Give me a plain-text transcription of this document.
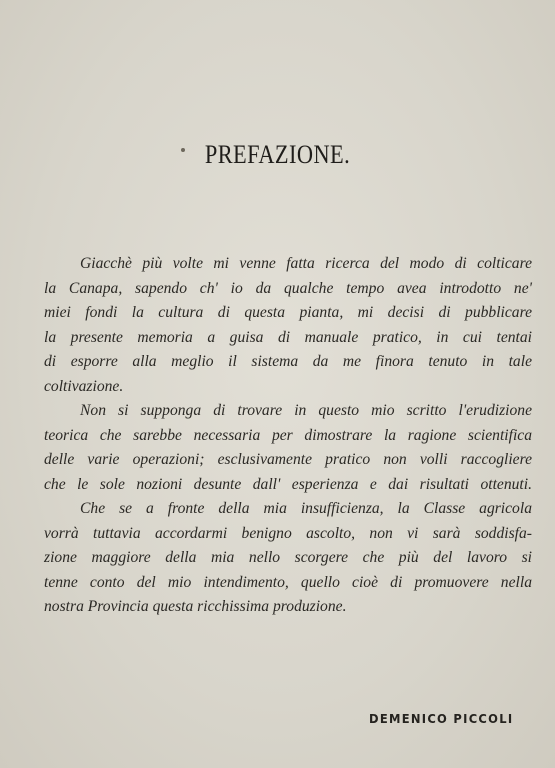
PREFAZIONE.
Giacchè più volte mi venne fatta ricerca del modo di colticare
la Canapa, sapendo ch' io da qualche tempo avea introdotto ne'
miei fondi la cultura di questa pianta, mi decisi di pubblicare
la presente memoria a guisa di manuale pratico, in cui tentai
di esporre alla meglio il sistema da me finora tenuto in tale
coltivazione.
Non si supponga di trovare in questo mio scritto l'erudizione
teorica che sarebbe necessaria per dimostrare la ragione scientifica
delle varie operazioni; esclusivamente pratico non volli raccogliere
che le sole nozioni desunte dall' esperienza e dai risultati ottenuti.
Che se a fronte della mia insufficienza, la Classe agricola
vorrà tuttavia accordarmi benigno ascolto, non vi sarà soddisfa-
zione maggiore della mia nello scorgere che più del lavoro si
tenne conto del mio intendimento, quello cioè di promuovere nella
nostra Provincia questa ricchissima produzione.
DEMENICO PICCOLI
